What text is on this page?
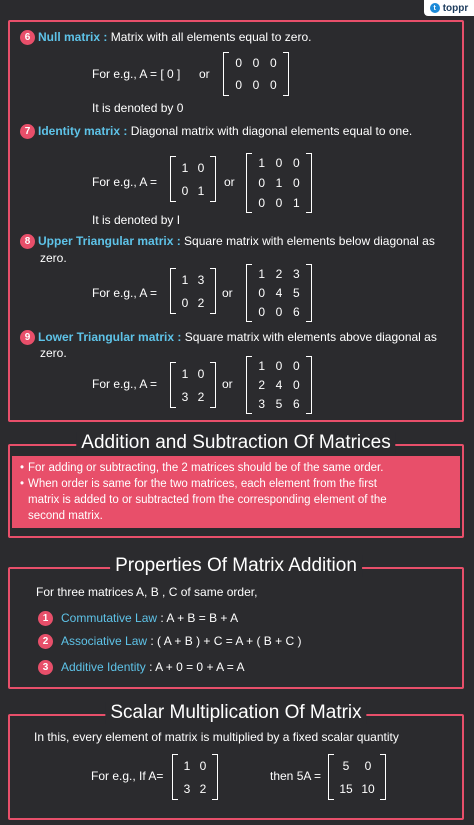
t toppr
6 Null matrix : Matrix with all elements equal to zero.
For e.g., A = [ 0 ] or
0 0 0
0 0 0
It is denoted by 0
7 Identity matrix : Diagonal matrix with diagonal elements equal to one.
For e.g., A =
1 0
0 1
or
1 0 0
0 1 0
0 0 1
It is denoted by I
8 Upper Triangular matrix : Square matrix with elements below diagonal as
zero.
For e.g., A =
1 3
0 2
or
1 2 3
0 4 5
0 0 6
9 Lower Triangular matrix : Square matrix with elements above diagonal as
zero.
For e.g., A =
1 0
3 2
or
1 0 0
2 4 0
3 5 6
Addition and Subtraction Of Matrices
• For adding or subtracting, the 2 matrices should be of the same order.
• When order is same for the two matrices, each element from the first
matrix is added to or subtracted from the corresponding element of the
second matrix.
Properties Of Matrix Addition
For three matrices A, B , C of same order,
1 Commutative Law : A + B = B + A
2 Associative Law : ( A + B ) + C = A + ( B + C )
3 Additive Identity : A + 0 = 0 + A = A
Scalar Multiplication Of Matrix
In this, every element of matrix is multiplied by a fixed scalar quantity
For e.g., If A=
1 0
3 2
then 5A =
5 0
15 10
